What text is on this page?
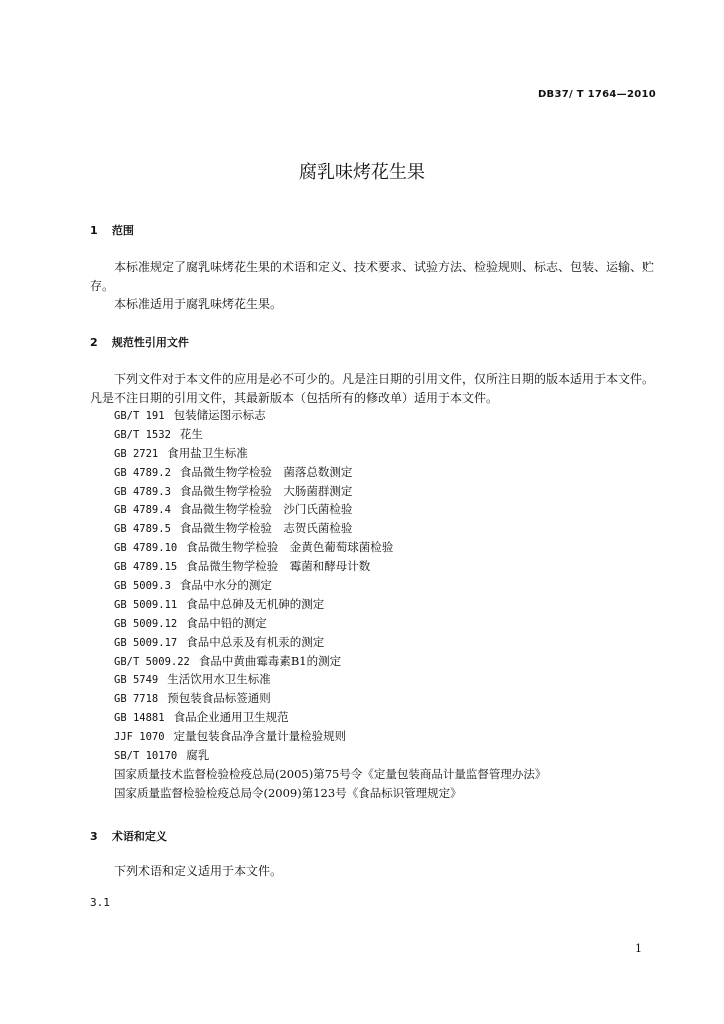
DB37/ T 1764—2010
腐乳味烤花生果
1 范围
本标准规定了腐乳味烤花生果的术语和定义、技术要求、试验方法、检验规则、标志、包装、运输、贮存。
本标准适用于腐乳味烤花生果。
2 规范性引用文件
下列文件对于本文件的应用是必不可少的。凡是注日期的引用文件，仅所注日期的版本适用于本文件。凡是不注日期的引用文件，其最新版本（包括所有的修改单）适用于本文件。
GB/T 191 包装储运图示标志
GB/T 1532 花生
GB 2721 食用盐卫生标准
GB 4789.2 食品微生物学检验　菌落总数测定
GB 4789.3 食品微生物学检验　大肠菌群测定
GB 4789.4 食品微生物学检验　沙门氏菌检验
GB 4789.5 食品微生物学检验　志贺氏菌检验
GB 4789.10 食品微生物学检验　金黄色葡萄球菌检验
GB 4789.15 食品微生物学检验　霉菌和酵母计数
GB 5009.3 食品中水分的测定
GB 5009.11 食品中总砷及无机砷的测定
GB 5009.12 食品中铅的测定
GB 5009.17 食品中总汞及有机汞的测定
GB/T 5009.22 食品中黄曲霉毒素B1的测定
GB 5749 生活饮用水卫生标准
GB 7718 预包装食品标签通则
GB 14881 食品企业通用卫生规范
JJF 1070 定量包装食品净含量计量检验规则
SB/T 10170 腐乳
国家质量技术监督检验检疫总局(2005)第75号令《定量包装商品计量监督管理办法》
国家质量监督检验检疫总局令(2009)第123号《食品标识管理规定》
3 术语和定义
下列术语和定义适用于本文件。
3.1
1
